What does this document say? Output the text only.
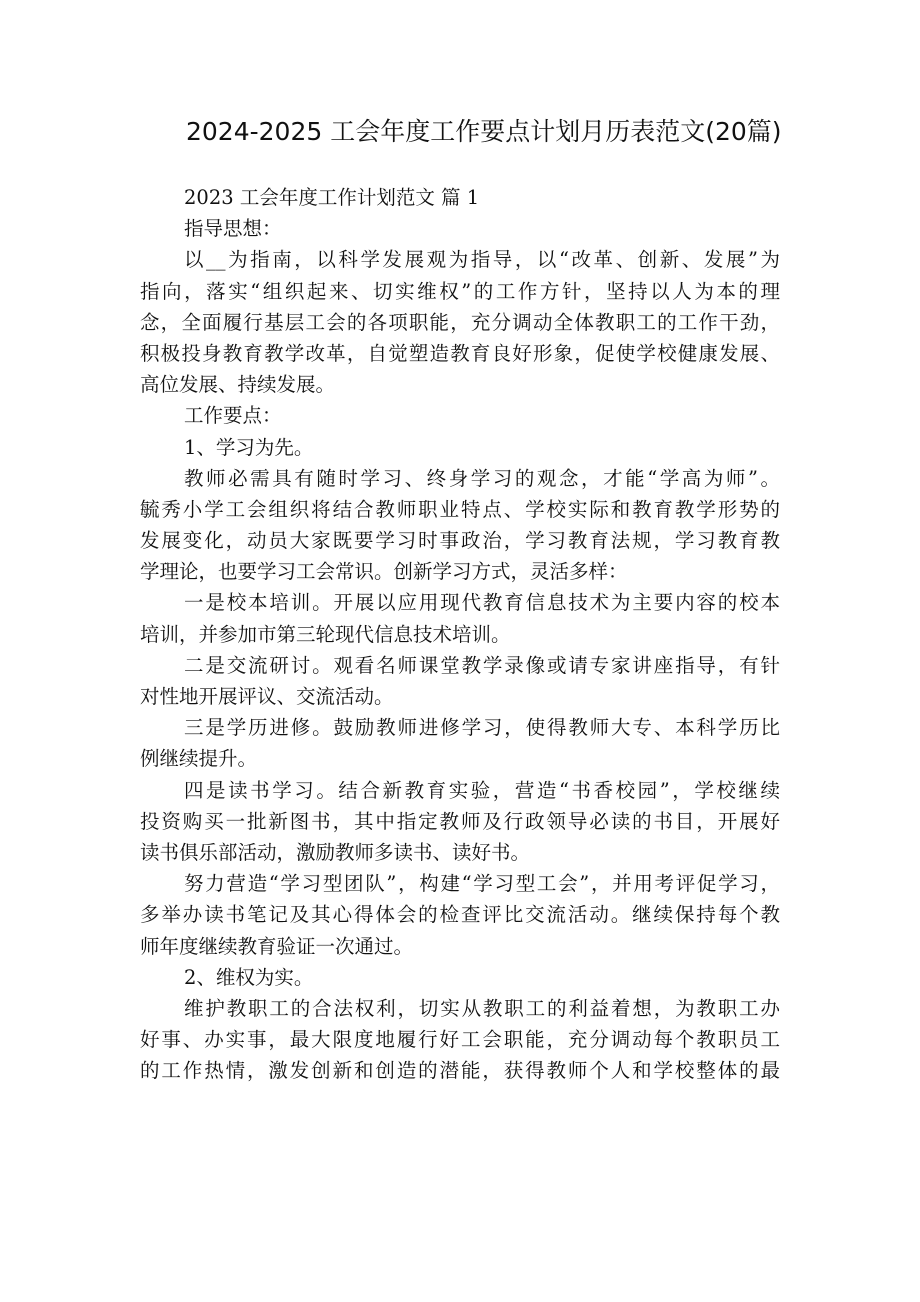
2024-2025 工会年度工作要点计划月历表范文(20篇)
2023 工会年度工作计划范文 篇 1
指导思想：
以__为指南，以科学发展观为指导，以“改革、创新、发展”为
指向，落实“组织起来、切实维权”的工作方针，坚持以人为本的理
念，全面履行基层工会的各项职能，充分调动全体教职工的工作干劲，
积极投身教育教学改革，自觉塑造教育良好形象，促使学校健康发展、
高位发展、持续发展。
工作要点：
1、学习为先。
教师必需具有随时学习、终身学习的观念，才能“学高为师”。
毓秀小学工会组织将结合教师职业特点、学校实际和教育教学形势的
发展变化，动员大家既要学习时事政治，学习教育法规，学习教育教
学理论，也要学习工会常识。创新学习方式，灵活多样：
一是校本培训。开展以应用现代教育信息技术为主要内容的校本
培训，并参加市第三轮现代信息技术培训。
二是交流研讨。观看名师课堂教学录像或请专家讲座指导，有针
对性地开展评议、交流活动。
三是学历进修。鼓励教师进修学习，使得教师大专、本科学历比
例继续提升。
四是读书学习。结合新教育实验，营造“书香校园”，学校继续
投资购买一批新图书，其中指定教师及行政领导必读的书目，开展好
读书俱乐部活动，激励教师多读书、读好书。
努力营造“学习型团队”，构建“学习型工会”，并用考评促学习，
多举办读书笔记及其心得体会的检查评比交流活动。继续保持每个教
师年度继续教育验证一次通过。
2、维权为实。
维护教职工的合法权利，切实从教职工的利益着想，为教职工办
好事、办实事，最大限度地履行好工会职能，充分调动每个教职员工
的工作热情，激发创新和创造的潜能，获得教师个人和学校整体的最
